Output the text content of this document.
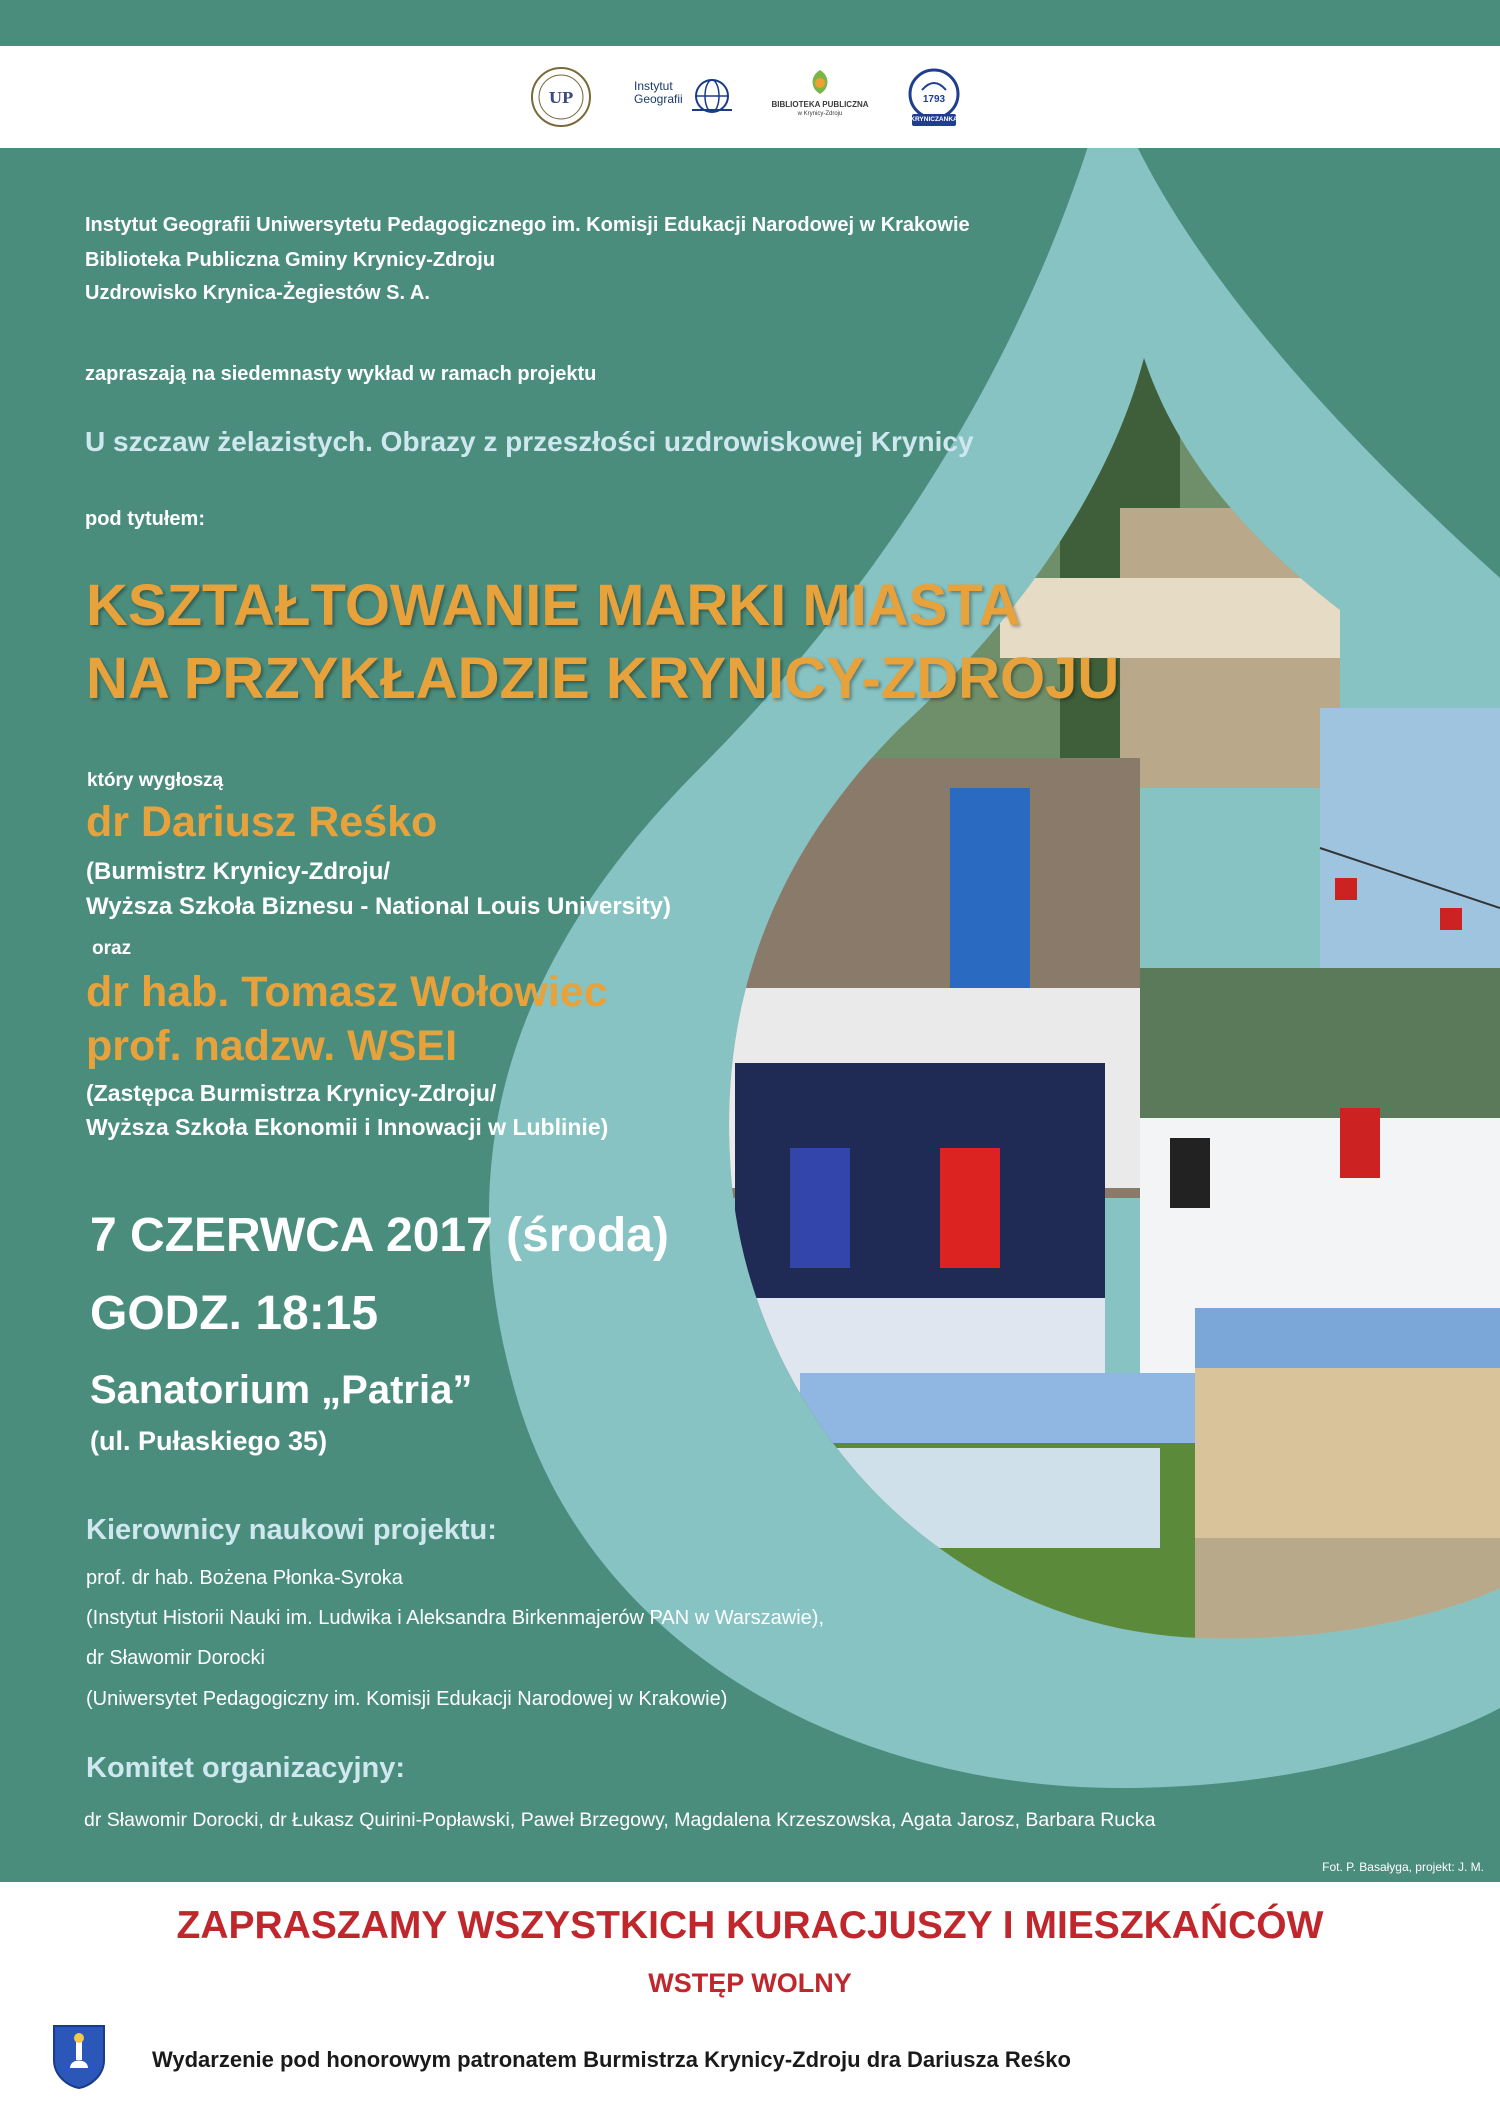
UP
Instytut Geografii	BIBLIOTEKA PUBLICZNA
w Krynicy-Zdroju
1793
KRYNICZANKA
Instytut Geografii Uniwersytetu Pedagogicznego im. Komisji Edukacji Narodowej w Krakowie
Biblioteka Publiczna Gminy Krynicy-Zdroju
Uzdrowisko Krynica-Żegiestów S. A.
zapraszają na siedemnasty wykład w ramach projektu
U szczaw żelazistych. Obrazy z przeszłości uzdrowiskowej Krynicy
pod tytułem:
KSZTAŁTOWANIE MARKI MIASTA
NA PRZYKŁADZIE KRYNICY-ZDROJU
który wygłoszą
dr Dariusz Reśko
(Burmistrz Krynicy-Zdroju/
Wyższa Szkoła Biznesu - National Louis University)
oraz
dr hab. Tomasz Wołowiec
prof. nadzw. WSEI
(Zastępca Burmistrza Krynicy-Zdroju/
Wyższa Szkoła Ekonomii i Innowacji w Lublinie)
7 CZERWCA 2017 (środa)
GODZ. 18:15
Sanatorium „Patria”
(ul. Pułaskiego 35)
Kierownicy naukowi projektu:
prof. dr hab. Bożena Płonka-Syroka
(Instytut Historii Nauki im. Ludwika i Aleksandra Birkenmajerów PAN w Warszawie),
dr Sławomir Dorocki
(Uniwersytet Pedagogiczny im. Komisji Edukacji Narodowej w Krakowie)
Komitet organizacyjny:
dr Sławomir Dorocki, dr Łukasz Quirini-Popławski, Paweł Brzegowy, Magdalena Krzeszowska, Agata Jarosz, Barbara Rucka
Fot. P. Basałyga, projekt: J. M.
ZAPRASZAMY WSZYSTKICH KURACJUSZY I MIESZKAŃCÓW
WSTĘP WOLNY
Wydarzenie pod honorowym patronatem Burmistrza Krynicy-Zdroju dra Dariusza Reśko
